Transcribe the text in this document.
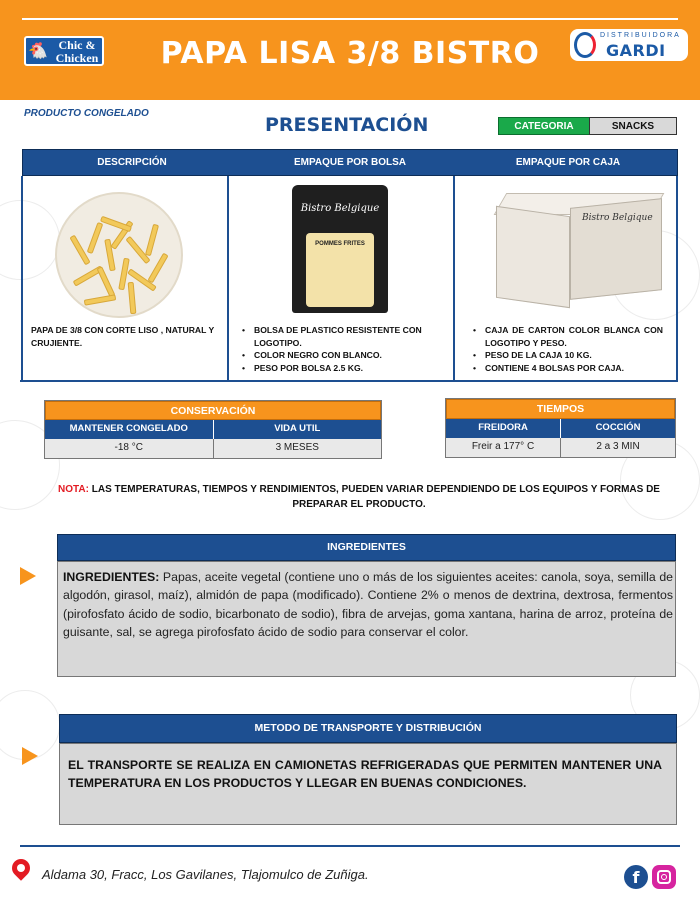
🐔 Chic & Chicken	PAPA LISA 3/8 BISTRO
DISTRIBUIDORA
GARDI
PRODUCTO CONGELADO
PRESENTACIÓN	CATEGORIA	SNACKS
DESCRIPCIÓN	EMPAQUE POR BOLSA	EMPAQUE POR CAJA
Bistro Belgique
POMMES FRITES
Bistro Belgique
PAPA DE 3/8 CON CORTE LISO , NATURAL Y CRUJIENTE.
• BOLSA DE PLASTICO RESISTENTE CON LOGOTIPO.
• COLOR NEGRO CON BLANCO.
• PESO POR BOLSA 2.5 KG.
• CAJA DE CARTON COLOR BLANCA CON LOGOTIPO Y PESO.
• PESO DE LA CAJA 10 KG.
• CONTIENE 4 BOLSAS POR CAJA.
CONSERVACIÓN
MANTENER CONGELADO	VIDA UTIL
-18 °C	3 MESES
TIEMPOS
FREIDORA	COCCIÓN
Freir a 177° C	2 a 3 MIN
NOTA: LAS TEMPERATURAS, TIEMPOS Y RENDIMIENTOS, PUEDEN VARIAR DEPENDIENDO DE LOS EQUIPOS Y FORMAS DE PREPARAR EL PRODUCTO.
INGREDIENTES
INGREDIENTES: Papas, aceite vegetal (contiene uno o más de los siguientes aceites: canola, soya, semilla de algodón, girasol, maíz), almidón de papa (modificado). Contiene 2% o menos de dextrina, dextrosa, fermentos (pirofosfato ácido de sodio, bicarbonato de sodio), fibra de arvejas, goma xantana, harina de arroz, proteína de guisante, sal, se agrega pirofosfato ácido de sodio para conservar el color.
METODO DE TRANSPORTE Y DISTRIBUCIÓN
EL TRANSPORTE SE REALIZA EN CAMIONETAS REFRIGERADAS QUE PERMITEN MANTENER UNA TEMPERATURA EN LOS PRODUCTOS Y LLEGAR EN BUENAS CONDICIONES.
Aldama 30, Fracc, Los Gavilanes, Tlajomulco de Zuñiga.	f
